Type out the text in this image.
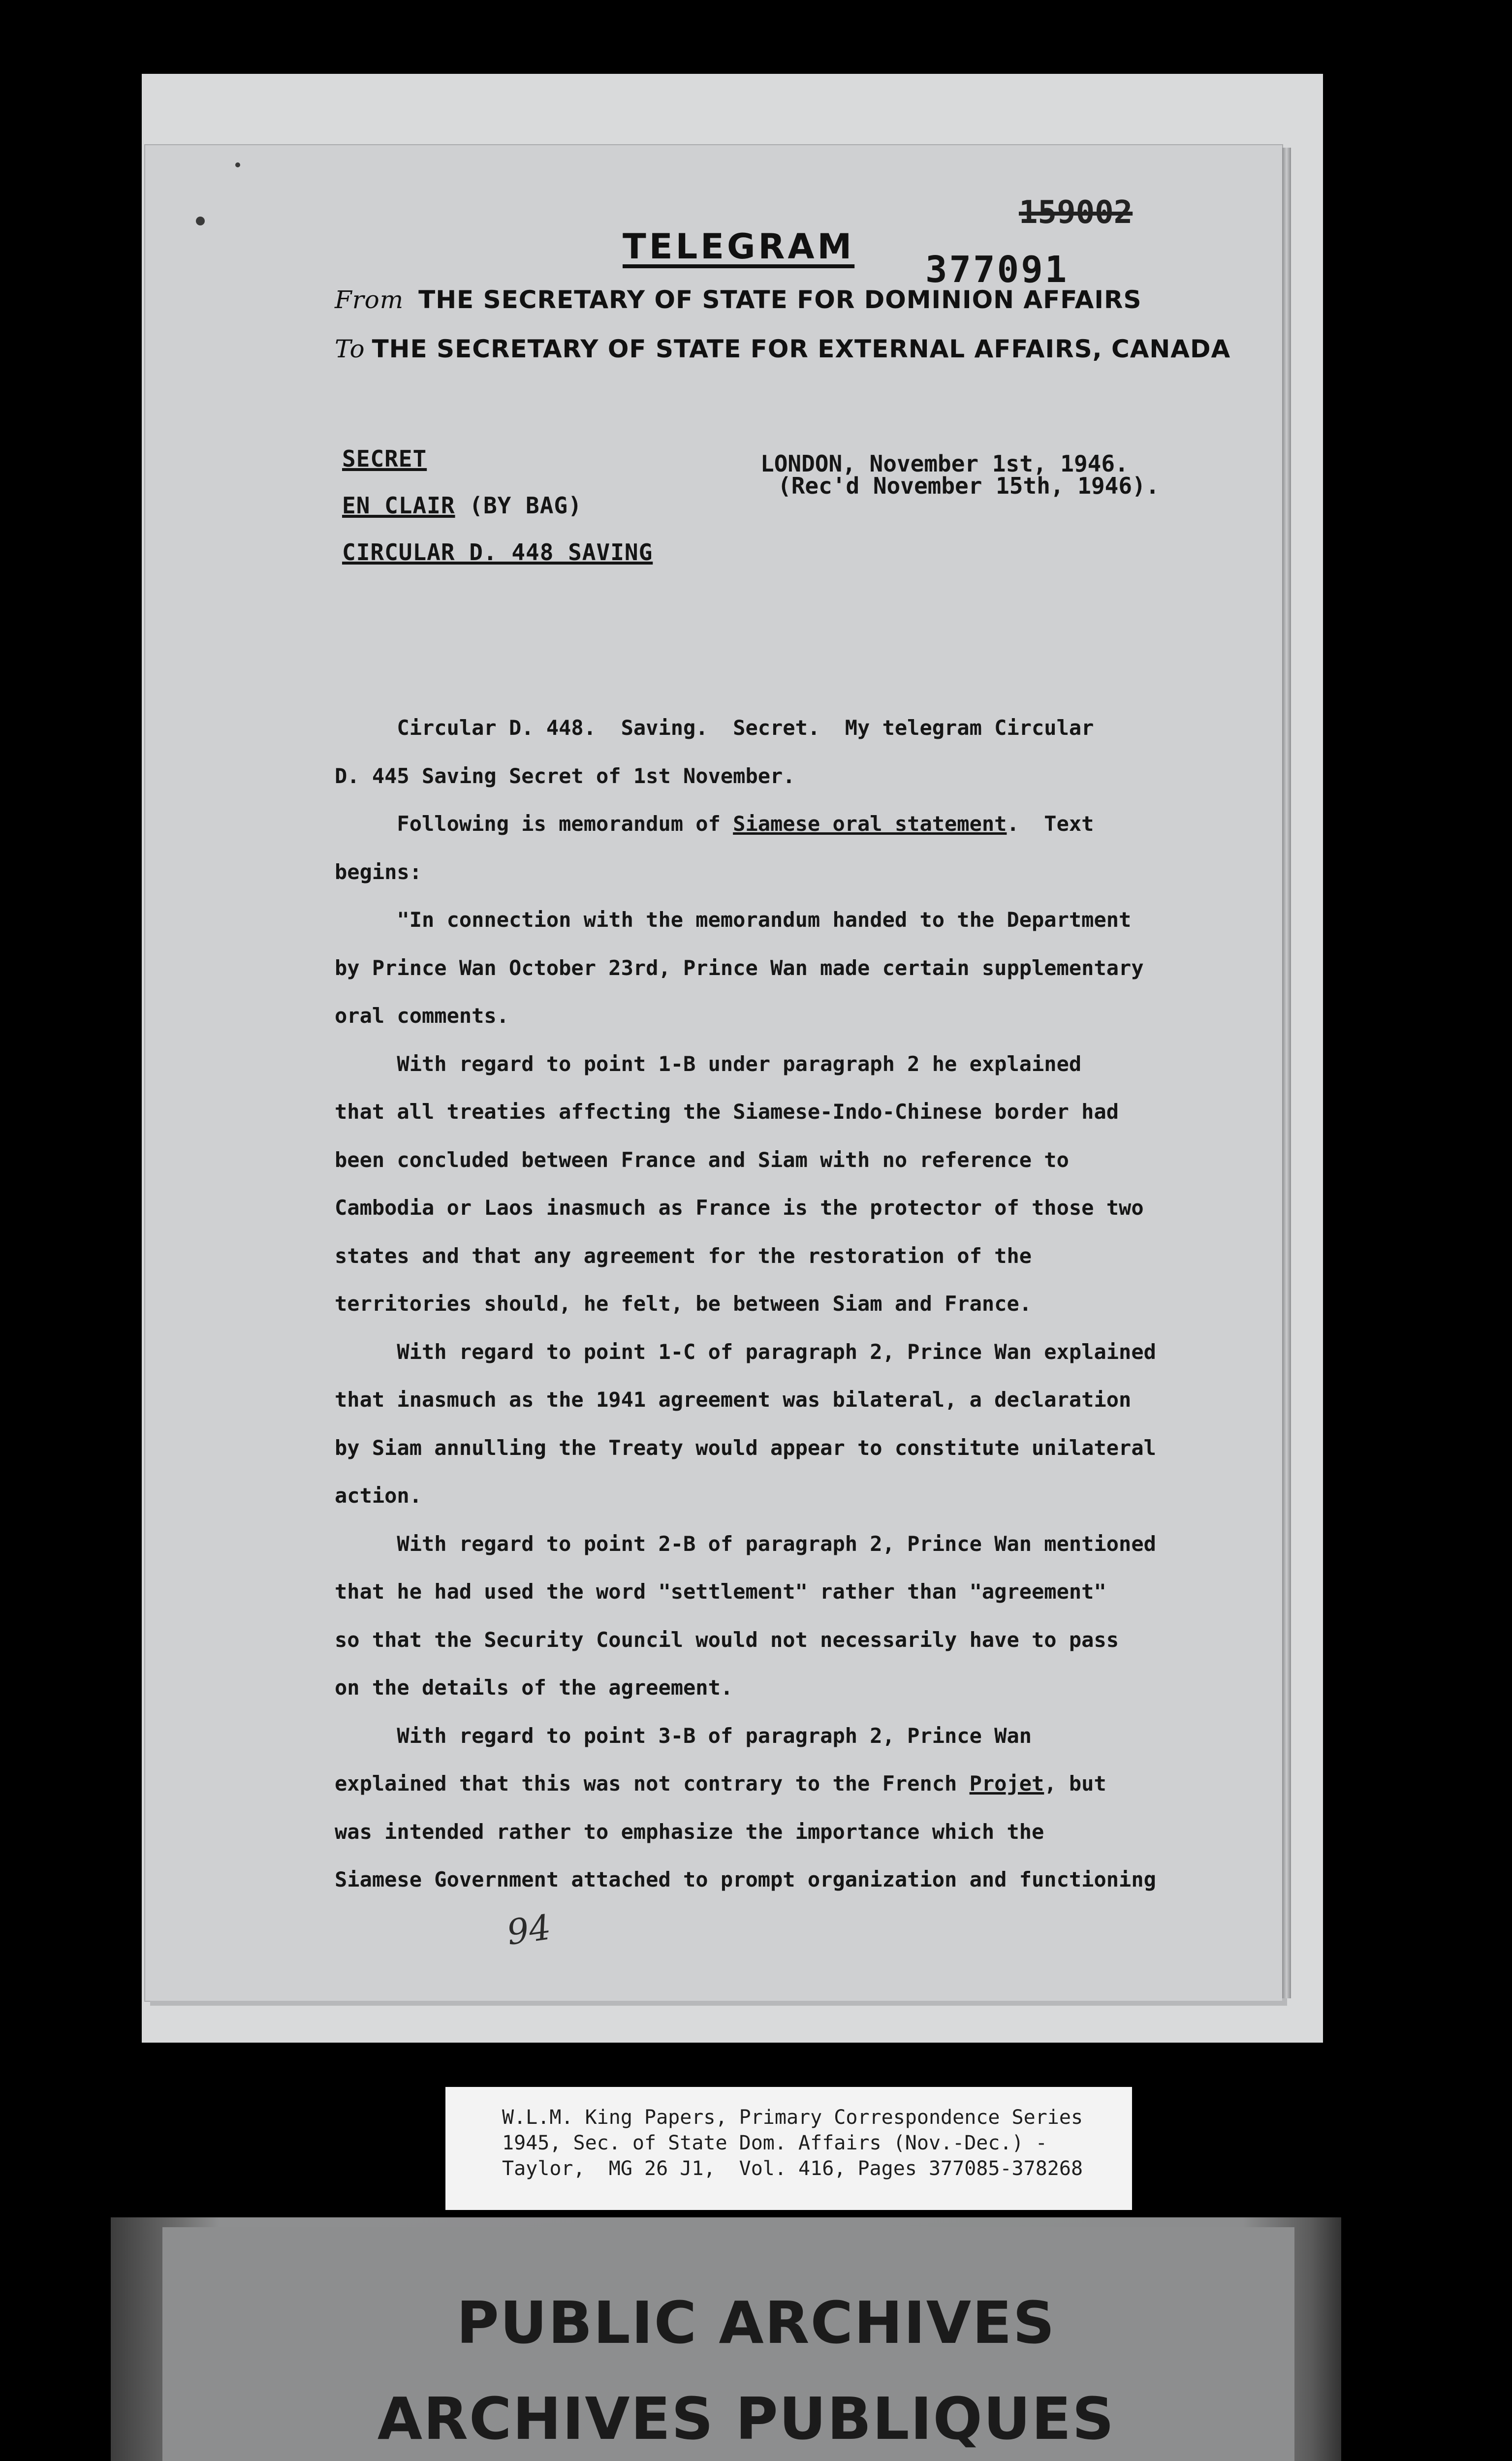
159002
TELEGRAM
377091
From THE SECRETARY OF STATE FOR DOMINION AFFAIRS
To THE SECRETARY OF STATE FOR EXTERNAL AFFAIRS, CANADA
SECRET
EN CLAIR (BY BAG)
CIRCULAR D. 448 SAVING
LONDON, November 1st, 1946.
(Rec'd November 15th, 1946).
Circular D. 448.  Saving.  Secret.  My telegram Circular
D. 445 Saving Secret of 1st November.
Following is memorandum of Siamese oral statement.  Text
begins:
"In connection with the memorandum handed to the Department
by Prince Wan October 23rd, Prince Wan made certain supplementary
oral comments.
With regard to point 1-B under paragraph 2 he explained
that all treaties affecting the Siamese-Indo-Chinese border had
been concluded between France and Siam with no reference to
Cambodia or Laos inasmuch as France is the protector of those two
states and that any agreement for the restoration of the
territories should, he felt, be between Siam and France.
With regard to point 1-C of paragraph 2, Prince Wan explained
that inasmuch as the 1941 agreement was bilateral, a declaration
by Siam annulling the Treaty would appear to constitute unilateral
action.
With regard to point 2-B of paragraph 2, Prince Wan mentioned
that he had used the word "settlement" rather than "agreement"
so that the Security Council would not necessarily have to pass
on the details of the agreement.
With regard to point 3-B of paragraph 2, Prince Wan
explained that this was not contrary to the French Projet, but
was intended rather to emphasize the importance which the
Siamese Government attached to prompt organization and functioning
94
W.L.M. King Papers, Primary Correspondence Series
1945, Sec. of State Dom. Affairs (Nov.-Dec.) -
Taylor,  MG 26 J1,  Vol. 416, Pages 377085-378268
PUBLIC ARCHIVES
ARCHIVES PUBLIQUES
